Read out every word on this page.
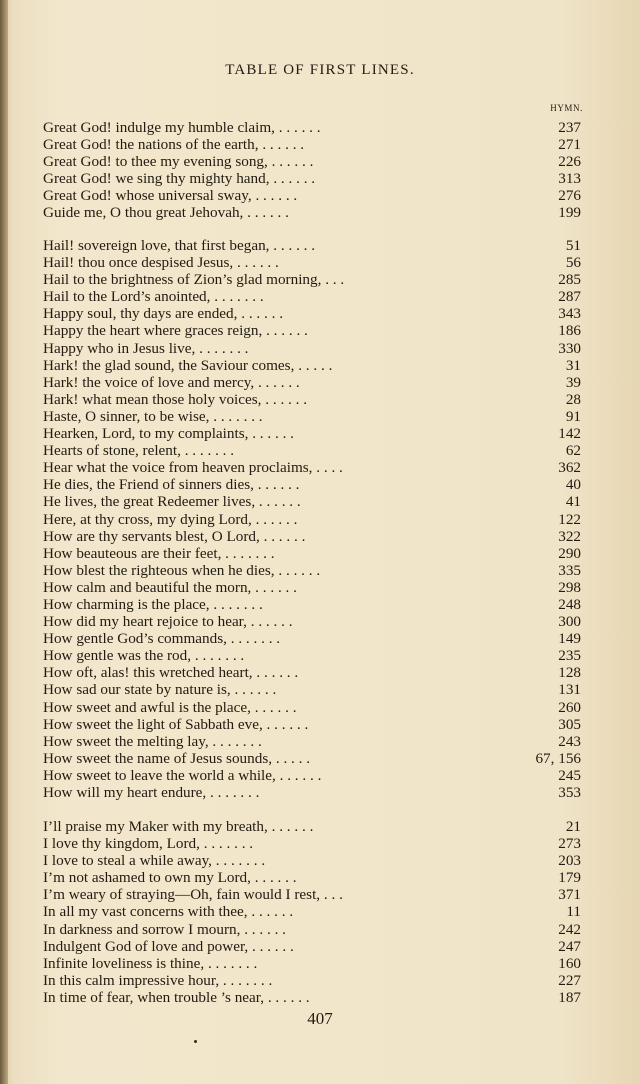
TABLE OF FIRST LINES.
HYMN.
Great God! indulge my humble claim, . . . . . .	237
Great God! the nations of the earth, . . . . . .	271
Great God! to thee my evening song, . . . . . .	226
Great God! we sing thy mighty hand, . . . . . .	313
Great God! whose universal sway, . . . . . .	276
Guide me, O thou great Jehovah, . . . . . .	199
Hail! sovereign love, that first began, . . . . . .	51
Hail! thou once despised Jesus, . . . . . .	56
Hail to the brightness of Zion’s glad morning, . . .	285
Hail to the Lord’s anointed, . . . . . . .	287
Happy soul, thy days are ended, . . . . . .	343
Happy the heart where graces reign, . . . . . .	186
Happy who in Jesus live, . . . . . . .	330
Hark! the glad sound, the Saviour comes, . . . . .	31
Hark! the voice of love and mercy, . . . . . .	39
Hark! what mean those holy voices, . . . . . .	28
Haste, O sinner, to be wise, . . . . . . .	91
Hearken, Lord, to my complaints, . . . . . .	142
Hearts of stone, relent, . . . . . . .	62
Hear what the voice from heaven proclaims, . . . .	362
He dies, the Friend of sinners dies, . . . . . .	40
He lives, the great Redeemer lives, . . . . . .	41
Here, at thy cross, my dying Lord, . . . . . .	122
How are thy servants blest, O Lord, . . . . . .	322
How beauteous are their feet, . . . . . . .	290
How blest the righteous when he dies, . . . . . .	335
How calm and beautiful the morn, . . . . . .	298
How charming is the place, . . . . . . .	248
How did my heart rejoice to hear, . . . . . .	300
How gentle God’s commands, . . . . . . .	149
How gentle was the rod, . . . . . . .	235
How oft, alas! this wretched heart, . . . . . .	128
How sad our state by nature is, . . . . . .	131
How sweet and awful is the place, . . . . . .	260
How sweet the light of Sabbath eve, . . . . . .	305
How sweet the melting lay, . . . . . . .	243
How sweet the name of Jesus sounds, . . . . .	67, 156
How sweet to leave the world a while, . . . . . .	245
How will my heart endure, . . . . . . .	353
I’ll praise my Maker with my breath, . . . . . .	21
I love thy kingdom, Lord, . . . . . . .	273
I love to steal a while away, . . . . . . .	203
I’m not ashamed to own my Lord, . . . . . .	179
I’m weary of straying—Oh, fain would I rest, . . .	371
In all my vast concerns with thee, . . . . . .	11
In darkness and sorrow I mourn, . . . . . .	242
Indulgent God of love and power, . . . . . .	247
Infinite loveliness is thine, . . . . . . .	160
In this calm impressive hour, . . . . . . .	227
In time of fear, when trouble ’s near, . . . . . .	187
407
